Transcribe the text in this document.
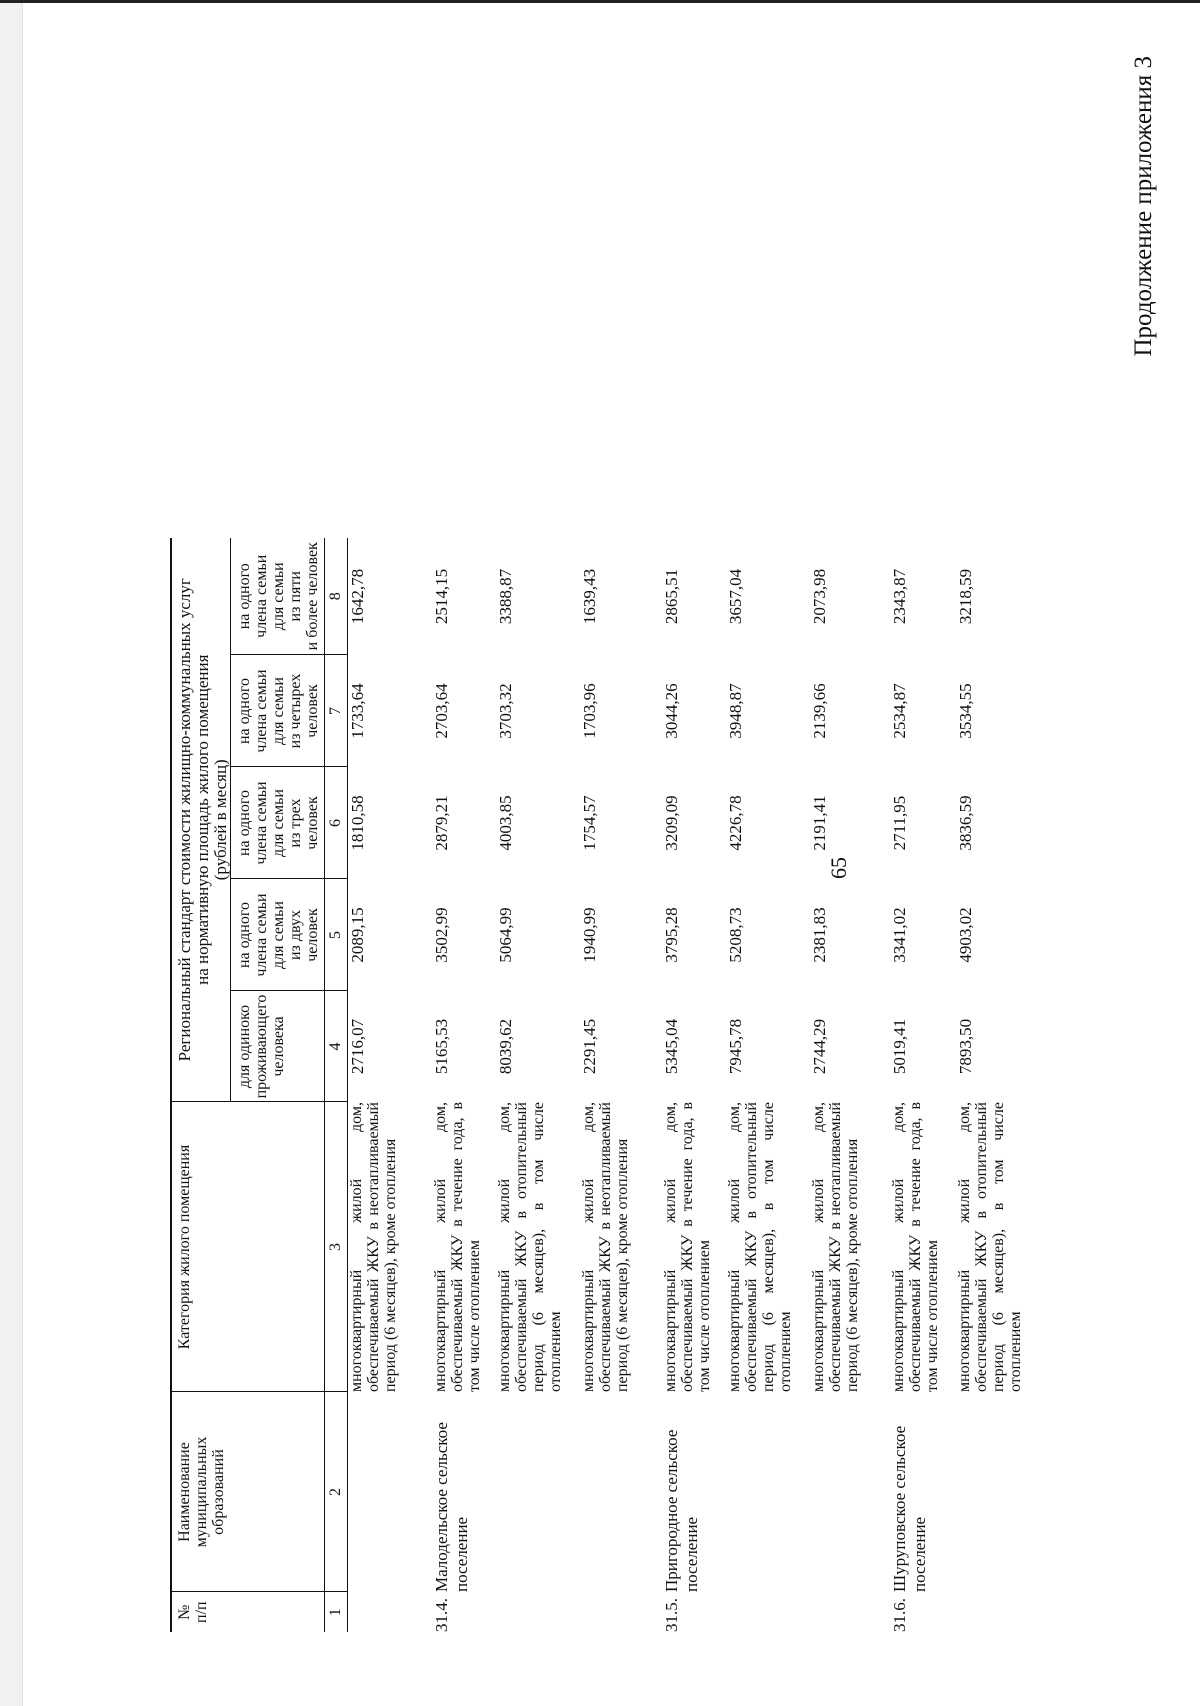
65
Продолжение приложения 3
№ п/п	Наименование муниципальных образований	Категория жилого помещения	Региональный стандарт стоимости жилищно-коммунальных услуг на нормативную площадь жилого помещения (рублей в месяц)				

			для одиноко проживающего человека	на одного члена семьи для семьи из двух человек	на одного члена семьи для семьи из трех человек	на одного члена семьи для семьи из четырех человек	на одного члена семьи для семьи из пяти и более человек

1	2	3	4	5	6	7	8
		многоквартирный жилой дом, обеспечиваемый ЖКУ в неотапливаемый период (6 месяцев), кроме отопления	2716,07	2089,15	1810,58	1733,64	1642,78
31.4.	Малодельское сельское поселение	многоквартирный жилой дом, обеспечиваемый ЖКУ в течение года, в том числе отоплением	5165,53	3502,99	2879,21	2703,64	2514,15
		многоквартирный жилой дом, обеспечиваемый ЖКУ в отопительный период (6 месяцев), в том числе отоплением	8039,62	5064,99	4003,85	3703,32	3388,87
		многоквартирный жилой дом, обеспечиваемый ЖКУ в неотапливаемый период (6 месяцев), кроме отопления	2291,45	1940,99	1754,57	1703,96	1639,43
31.5.	Пригородное сельское поселение	многоквартирный жилой дом, обеспечиваемый ЖКУ в течение года, в том числе отоплением	5345,04	3795,28	3209,09	3044,26	2865,51
		многоквартирный жилой дом, обеспечиваемый ЖКУ в отопительный период (6 месяцев), в том числе отоплением	7945,78	5208,73	4226,78	3948,87	3657,04
		многоквартирный жилой дом, обеспечиваемый ЖКУ в неотапливаемый период (6 месяцев), кроме отопления	2744,29	2381,83	2191,41	2139,66	2073,98
31.6.	Шуруповское сельское поселение	многоквартирный жилой дом, обеспечиваемый ЖКУ в течение года, в том числе отоплением	5019,41	3341,02	2711,95	2534,87	2343,87
		многоквартирный жилой дом, обеспечиваемый ЖКУ в отопительный период (6 месяцев), в том числе отоплением	7893,50	4903,02	3836,59	3534,55	3218,59
